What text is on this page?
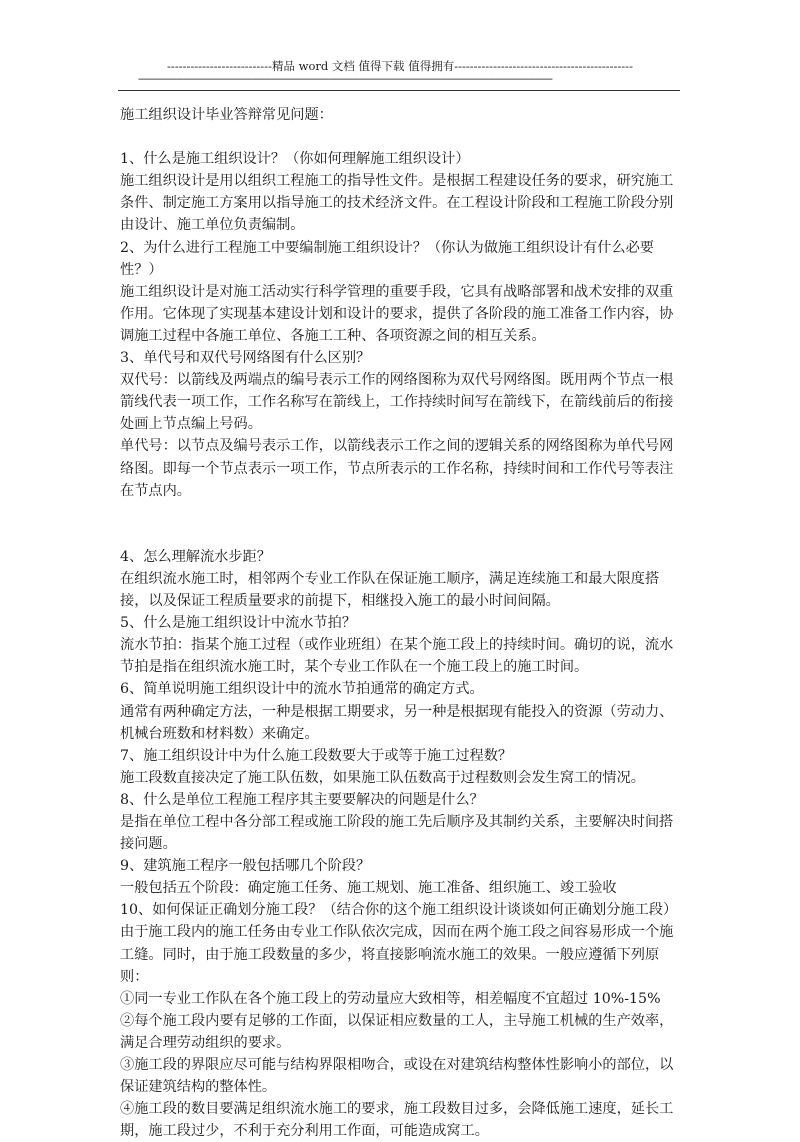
---------------------------精品 word 文档 值得下载 值得拥有----------------------------------------------
------------------------------------------------------------------------------------------------------------------------------------------------------------------------------

施工组织设计毕业答辩常见问题：

1、什么是施工组织设计？（你如何理解施工组织设计）

施工组织设计是用以组织工程施工的指导性文件。是根据工程建设任务的要求，研究施工条件、制定施工方案用以指导施工的技术经济文件。在工程设计阶段和工程施工阶段分别由设计、施工单位负责编制。

2、为什么进行工程施工中要编制施工组织设计？（你认为做施工组织设计有什么必要性？）

施工组织设计是对施工活动实行科学管理的重要手段，它具有战略部署和战术安排的双重作用。它体现了实现基本建设计划和设计的要求，提供了各阶段的施工准备工作内容，协调施工过程中各施工单位、各施工工种、各项资源之间的相互关系。

3、单代号和双代号网络图有什么区别？

双代号：以箭线及两端点的编号表示工作的网络图称为双代号网络图。既用两个节点一根箭线代表一项工作，工作名称写在箭线上，工作持续时间写在箭线下，在箭线前后的衔接处画上节点编上号码。

单代号：以节点及编号表示工作，以箭线表示工作之间的逻辑关系的网络图称为单代号网络图。即每一个节点表示一项工作，节点所表示的工作名称，持续时间和工作代号等表注在节点内。

4、怎么理解流水步距？

在组织流水施工时，相邻两个专业工作队在保证施工顺序，满足连续施工和最大限度搭接，以及保证工程质量要求的前提下，相继投入施工的最小时间间隔。

5、什么是施工组织设计中流水节拍？

流水节拍：指某个施工过程（或作业班组）在某个施工段上的持续时间。确切的说，流水节拍是指在组织流水施工时，某个专业工作队在一个施工段上的施工时间。

6、简单说明施工组织设计中的流水节拍通常的确定方式。

通常有两种确定方法，一种是根据工期要求，另一种是根据现有能投入的资源（劳动力、机械台班数和材料数）来确定。

7、施工组织设计中为什么施工段数要大于或等于施工过程数？

施工段数直接决定了施工队伍数，如果施工队伍数高于过程数则会发生窝工的情况。

8、什么是单位工程施工程序其主要要解决的问题是什么？

是指在单位工程中各分部工程或施工阶段的施工先后顺序及其制约关系，主要解决时间搭接问题。

9、建筑施工程序一般包括哪几个阶段？

一般包括五个阶段：确定施工任务、施工规划、施工准备、组织施工、竣工验收

10、如何保证正确划分施工段？（结合你的这个施工组织设计谈谈如何正确划分施工段）

由于施工段内的施工任务由专业工作队依次完成，因而在两个施工段之间容易形成一个施工缝。同时，由于施工段数量的多少，将直接影响流水施工的效果。一般应遵循下列原则：

①同一专业工作队在各个施工段上的劳动量应大致相等，相差幅度不宜超过 10%-15%

②每个施工段内要有足够的工作面，以保证相应数量的工人，主导施工机械的生产效率，满足合理劳动组织的要求。

③施工段的界限应尽可能与结构界限相吻合，或设在对建筑结构整体性影响小的部位，以保证建筑结构的整体性。

④施工段的数目要满足组织流水施工的要求，施工段数目过多，会降低施工速度，延长工期，施工段过少，不利于充分利用工作面，可能造成窝工。
